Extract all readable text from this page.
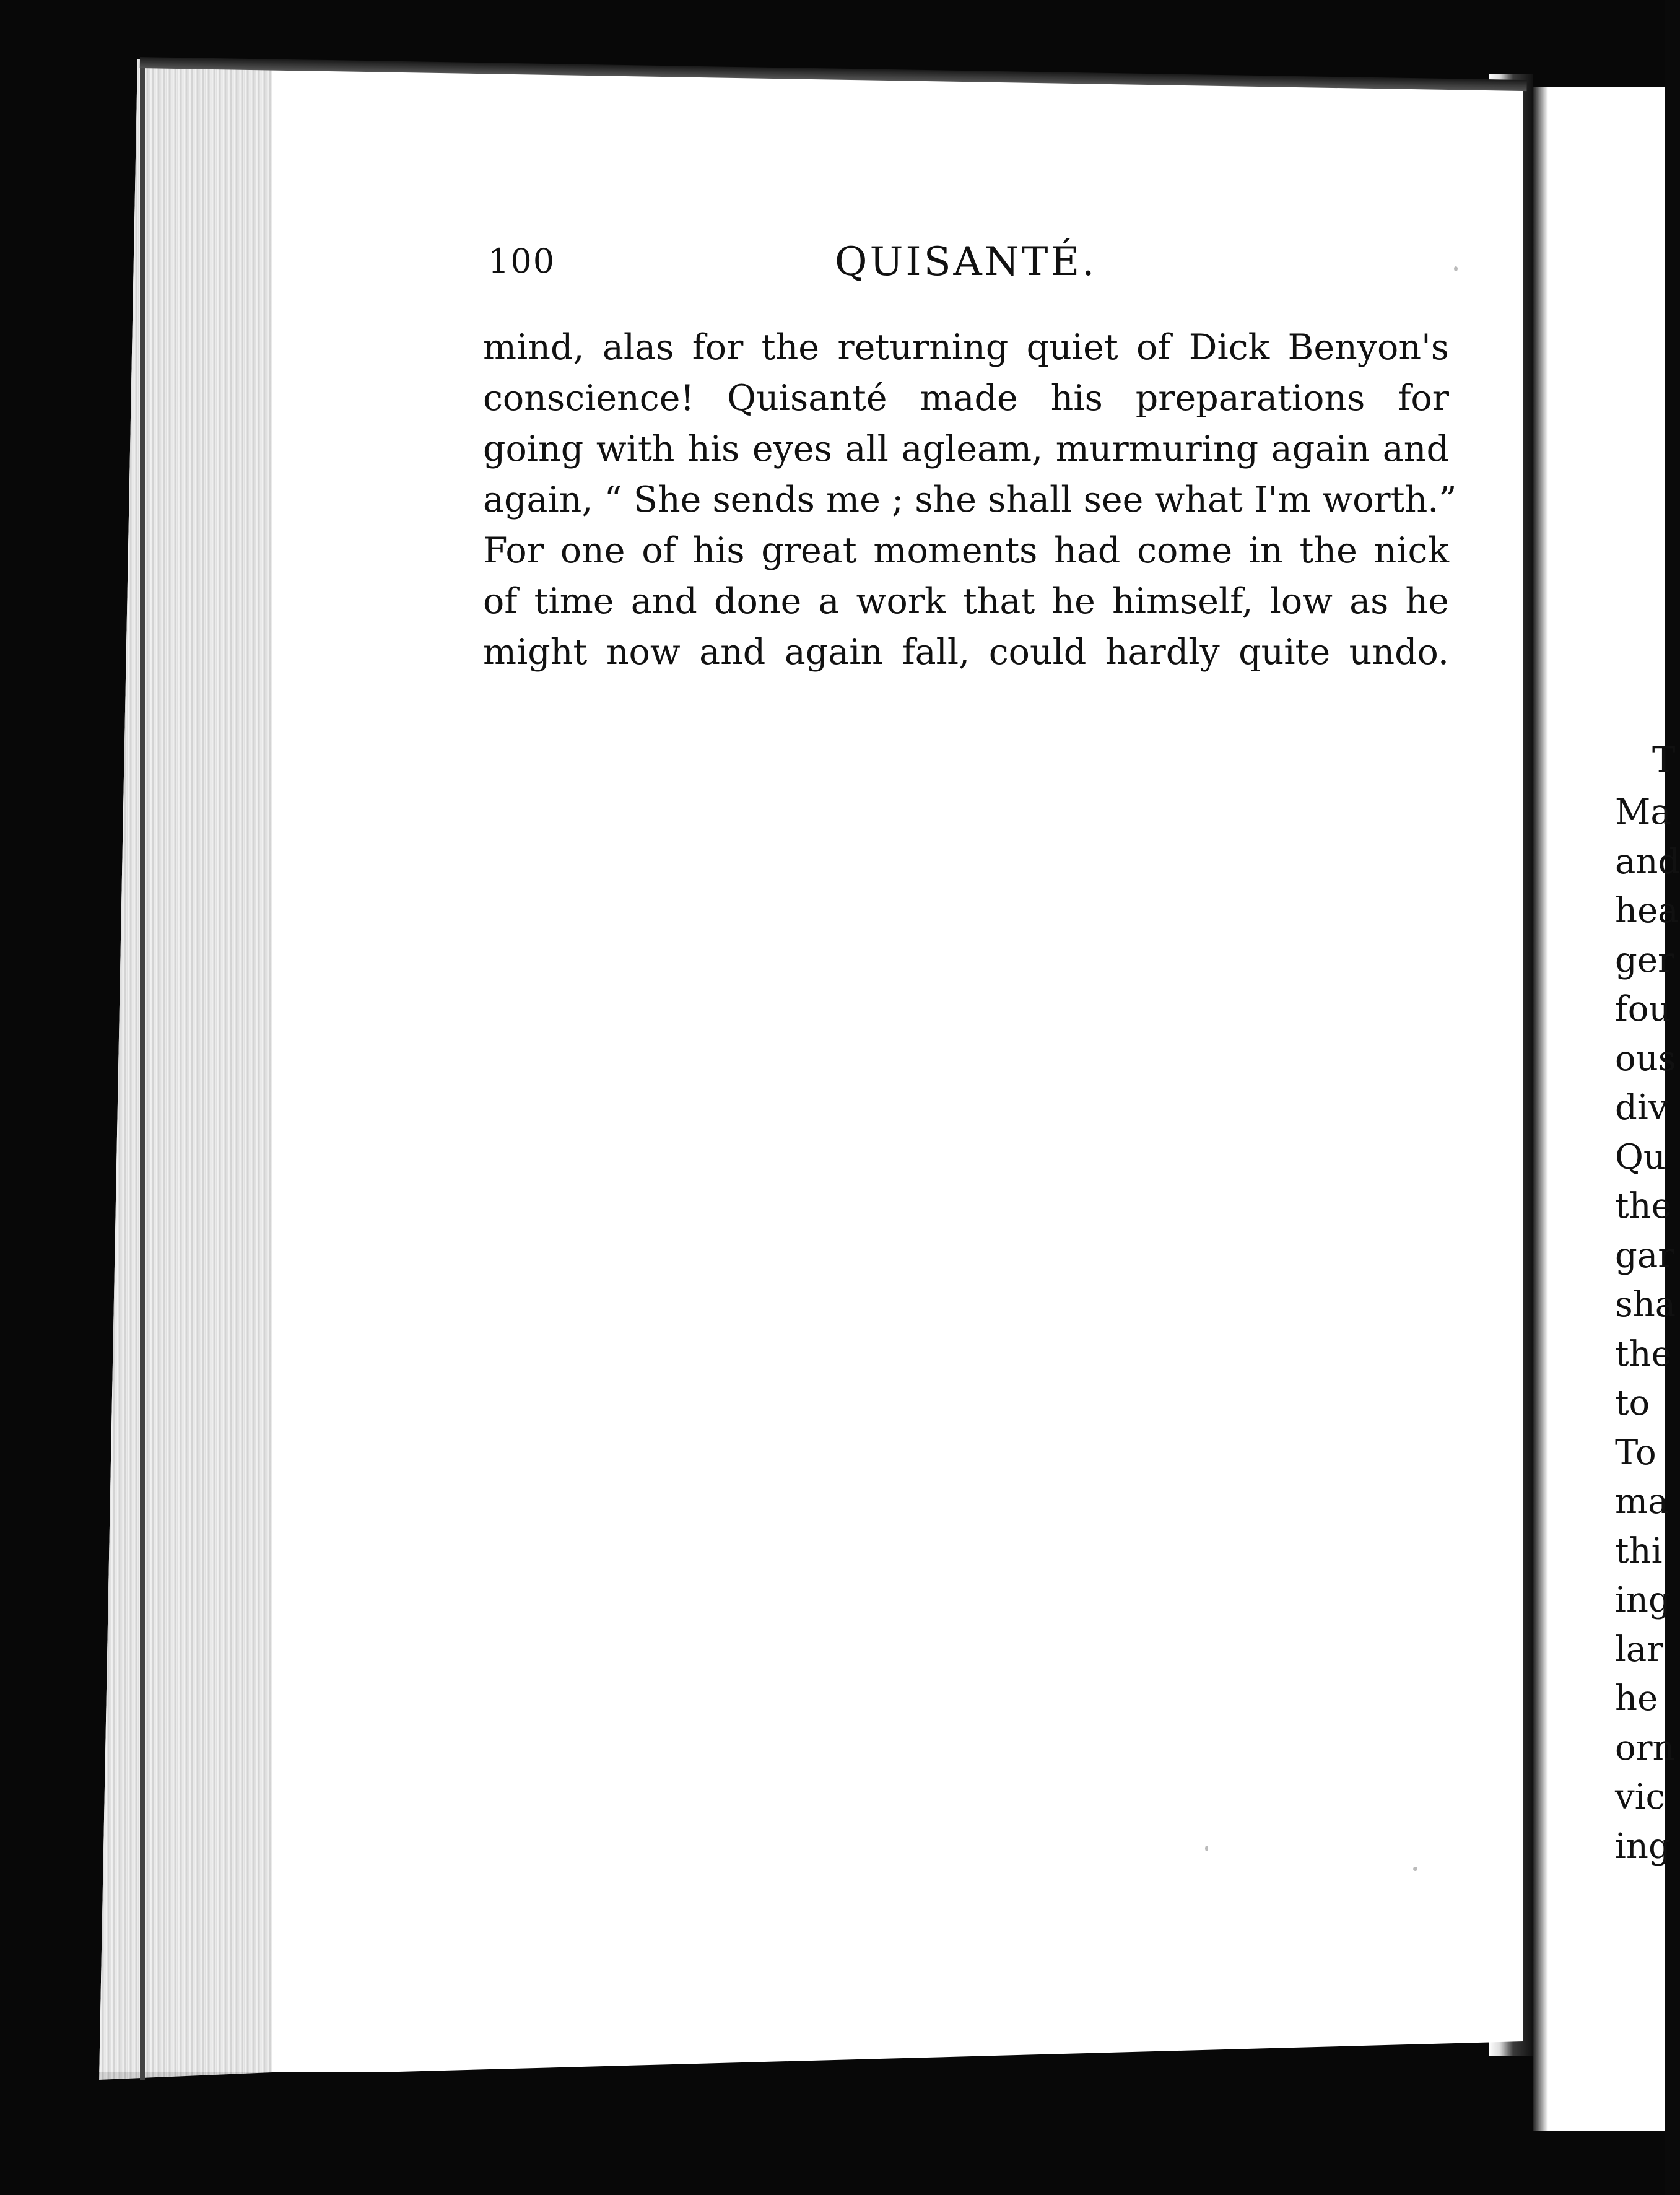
100	QUISANTÉ.
mind, alas for the returning quiet of Dick Benyon's
conscience! Quisanté made his preparations for
going with his eyes all agleam, murmuring again and
again, “ She sends me ; she shall see what I'm worth.”
For one of his great moments had come in the nick
of time and done a work that he himself, low as he
might now and again fall, could hardly quite undo.
T
Ma
and
hea
ger
fou
ous
div
Qu
the
gar
sha
the
to
To
ma
thi
ing
lar
he
orn
vic
ing
